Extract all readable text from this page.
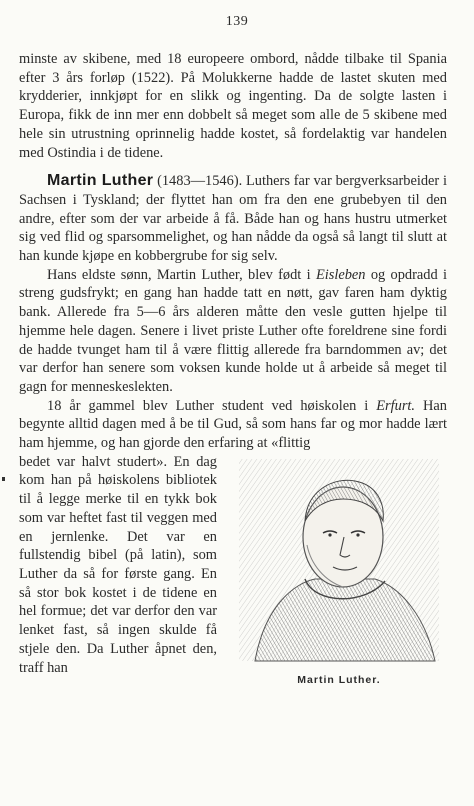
139

minste av skibene, med 18 europeere ombord, nådde tilbake til Spania efter 3 års forløp (1522). På Molukkerne hadde de lastet skuten med krydderier, innkjøpt for en slikk og ingenting. Da de solgte lasten i Europa, fikk de inn mer enn dobbelt så meget som alle de 5 skibene med hele sin utrustning oprinnelig hadde kostet, så fordelaktig var handelen med Ostindia i de tidene.

Martin Luther (1483—1546). Luthers far var bergverksarbeider i Sachsen i Tyskland; der flyttet han om fra den ene grubebyen til den andre, efter som der var arbeide å få. Både han og hans hustru utmerket sig ved flid og sparsommelighet, og han nådde da også så langt til slutt at han kunde kjøpe en kobbergrube for sig selv.

Hans eldste sønn, Martin Luther, blev født i Eisleben og opdradd i streng gudsfrykt; en gang han hadde tatt en nøtt, gav faren ham dyktig bank. Allerede fra 5—6 års alderen måtte den vesle gutten hjelpe til hjemme hele dagen. Senere i livet priste Luther ofte foreldrene sine fordi de hadde tvunget ham til å være flittig allerede fra barndommen av; det var derfor han senere som voksen kunde holde ut å arbeide så meget til gagn for menneskeslekten.

18 år gammel blev Luther student ved høiskolen i Erfurt. Han begynte alltid dagen med å be til Gud, så som hans far og mor hadde lært ham hjemme, og han gjorde den erfaring at «flittig

bedet var halvt studert». En dag kom han på høiskolens bibliotek til å legge merke til en tykk bok som var heftet fast til veggen med en jernlenke. Det var en fullstendig bibel (på latin), som Luther da så for første gang. En så stor bok kostet i de tidene en hel formue; det var derfor den var lenket fast, så ingen skulde få stjele den. Da Luther åpnet den, traff han

Martin Luther.
